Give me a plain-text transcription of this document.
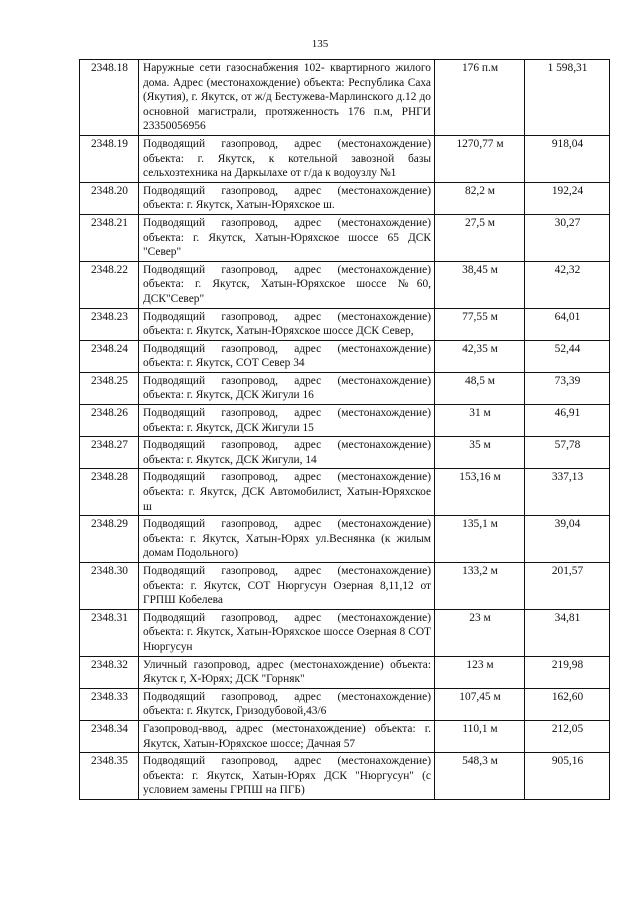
135
2348.18	Наружные сети газоснабжения 102- квартирного жилого дома. Адрес (местонахождение) объекта: Республика Саха (Якутия), г. Якутск, от ж/д Бестужева-Марлинского д.12 до основной магистрали, протяженность 176 п.м, РНГИ 23350056956	176 п.м	1 598,31
2348.19	Подводящий газопровод, адрес (местонахождение) объекта: г. Якутск, к котельной завозной базы сельхозтехника на Даркылахе от г/да к водоузлу №1	1270,77 м	918,04
2348.20	Подводящий газопровод, адрес (местонахождение) объекта: г. Якутск, Хатын-Юряхское ш.	82,2 м	192,24
2348.21	Подводящий газопровод, адрес (местонахождение) объекта: г. Якутск, Хатын-Юряхское шоссе 65 ДСК "Север"	27,5 м	30,27
2348.22	Подводящий газопровод, адрес (местонахождение) объекта: г. Якутск, Хатын-Юряхское шоссе №60, ДСК"Север"	38,45 м	42,32
2348.23	Подводящий газопровод, адрес (местонахождение) объекта: г. Якутск, Хатын-Юряхское шоссе ДСК Север,	77,55 м	64,01
2348.24	Подводящий газопровод, адрес (местонахождение) объекта: г. Якутск, СОТ Север 34	42,35 м	52,44
2348.25	Подводящий газопровод, адрес (местонахождение) объекта: г. Якутск, ДСК Жигули 16	48,5 м	73,39
2348.26	Подводящий газопровод, адрес (местонахождение) объекта: г. Якутск, ДСК Жигули 15	31 м	46,91
2348.27	Подводящий газопровод, адрес (местонахождение) объекта: г. Якутск, ДСК Жигули, 14	35 м	57,78
2348.28	Подводящий газопровод, адрес (местонахождение) объекта: г. Якутск, ДСК Автомобилист, Хатын-Юряхское ш	153,16 м	337,13
2348.29	Подводящий газопровод, адрес (местонахождение) объекта: г. Якутск, Хатын-Юрях ул.Веснянка (к жилым домам Подольного)	135,1 м	39,04
2348.30	Подводящий газопровод, адрес (местонахождение) объекта: г. Якутск, СОТ Нюргусун Озерная 8,11,12 от ГРПШ Кобелева	133,2 м	201,57
2348.31	Подводящий газопровод, адрес (местонахождение) объекта: г. Якутск, Хатын-Юряхское шоссе Озерная 8 СОТ Нюргусун	23 м	34,81
2348.32	Уличный газопровод, адрес (местонахождение) объекта: Якутск г, Х-Юрях; ДСК "Горняк"	123 м	219,98
2348.33	Подводящий газопровод, адрес (местонахождение) объекта: г. Якутск, Гризодубовой,43/6	107,45 м	162,60
2348.34	Газопровод-ввод, адрес (местонахождение) объекта: г. Якутск, Хатын-Юряхское шоссе; Дачная 57	110,1 м	212,05
2348.35	Подводящий газопровод, адрес (местонахождение) объекта: г. Якутск, Хатын-Юрях ДСК "Нюргусун" (с условием замены ГРПШ на ПГБ)	548,3 м	905,16
